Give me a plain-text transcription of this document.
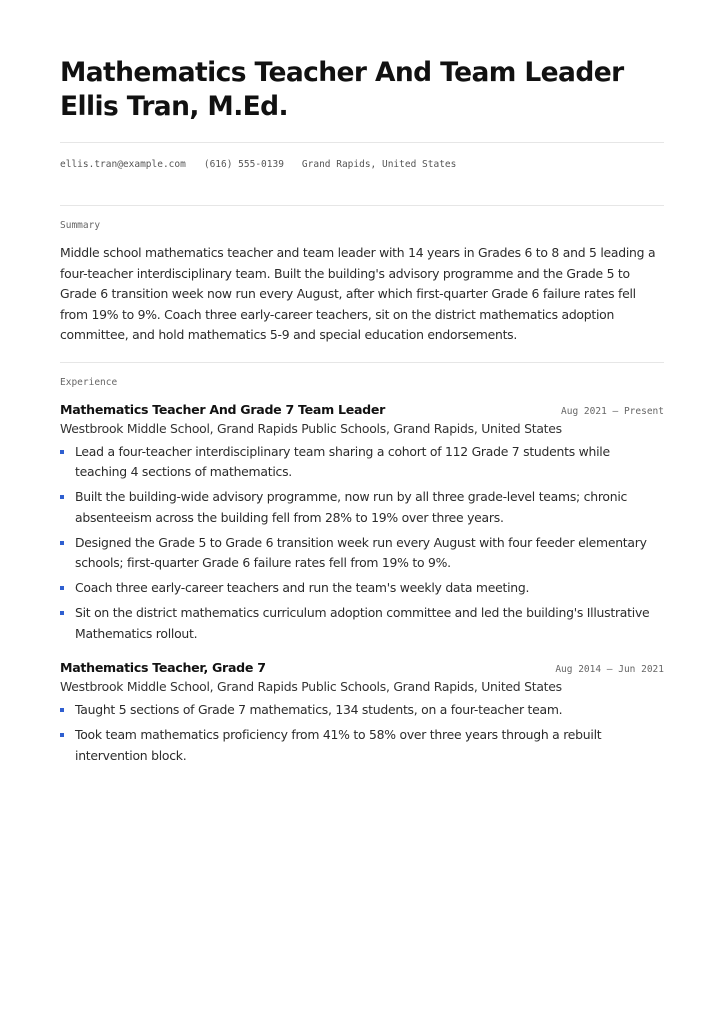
Mathematics Teacher And Team Leader
Ellis Tran, M.Ed.
ellis.tran@example.com (616) 555-0139 Grand Rapids, United States
Summary

Middle school mathematics teacher and team leader with 14 years in Grades 6 to 8 and 5 leading a four-teacher interdisciplinary team. Built the building's advisory programme and the Grade 5 to Grade 6 transition week now run every August, after which first-quarter Grade 6 failure rates fell from 19% to 9%. Coach three early-career teachers, sit on the district mathematics adoption committee, and hold mathematics 5-9 and special education endorsements.

Experience
Mathematics Teacher And Grade 7 Team Leader	Aug 2021 – Present
Westbrook Middle School, Grand Rapids Public Schools, Grand Rapids, United States
Lead a four-teacher interdisciplinary team sharing a cohort of 112 Grade 7 students while teaching 4 sections of mathematics.
Built the building-wide advisory programme, now run by all three grade-level teams; chronic absenteeism across the building fell from 28% to 19% over three years.
Designed the Grade 5 to Grade 6 transition week run every August with four feeder elementary schools; first-quarter Grade 6 failure rates fell from 19% to 9%.
Coach three early-career teachers and run the team's weekly data meeting.
Sit on the district mathematics curriculum adoption committee and led the building's Illustrative Mathematics rollout.
Mathematics Teacher, Grade 7	Aug 2014 – Jun 2021
Westbrook Middle School, Grand Rapids Public Schools, Grand Rapids, United States
Taught 5 sections of Grade 7 mathematics, 134 students, on a four-teacher team.
Took team mathematics proficiency from 41% to 58% over three years through a rebuilt intervention block.
